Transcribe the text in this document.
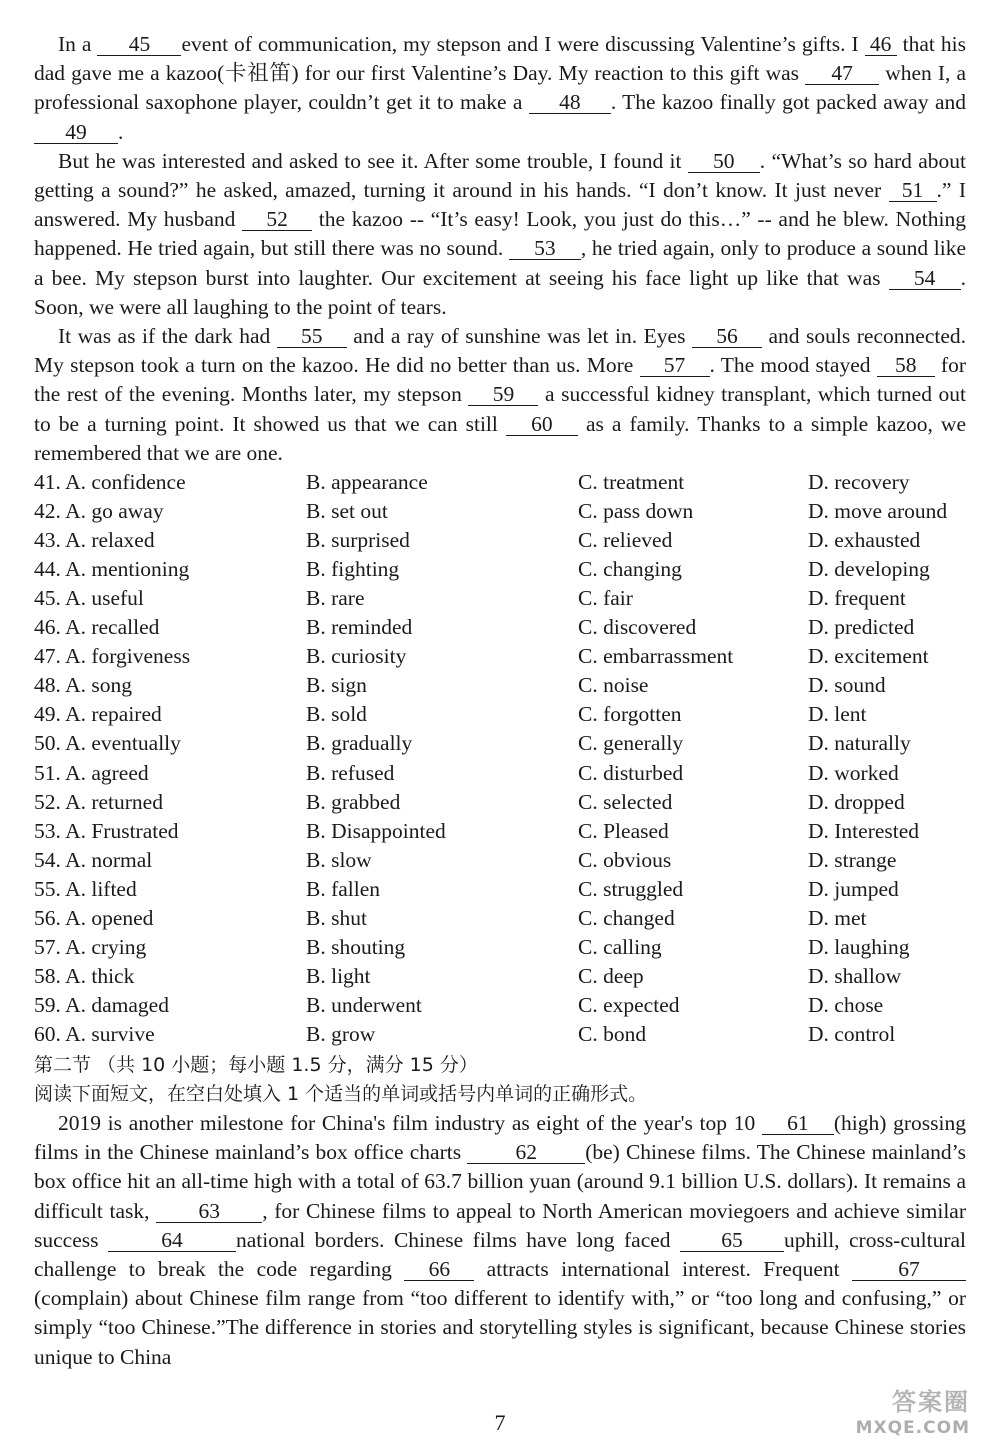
In a 45 event of communication, my stepson and I were discussing Valentine’s gifts. I 46 that his dad gave me a kazoo(卡祖笛) for our first Valentine’s Day. My reaction to this gift was 47 when I, a professional saxophone player, couldn’t get it to make a 48 . The kazoo finally got packed away and 49 .

But he was interested and asked to see it. After some trouble, I found it 50 . “What’s so hard about getting a sound?” he asked, amazed, turning it around in his hands. “I don’t know. It just never 51 .” I answered. My husband 52 the kazoo -- “It’s easy! Look, you just do this…” -- and he blew. Nothing happened. He tried again, but still there was no sound. 53 , he tried again, only to produce a sound like a bee. My stepson burst into laughter. Our excitement at seeing his face light up like that was 54 . Soon, we were all laughing to the point of tears.

It was as if the dark had 55 and a ray of sunshine was let in. Eyes 56 and souls reconnected. My stepson took a turn on the kazoo. He did no better than us. More 57 . The mood stayed 58 for the rest of the evening. Months later, my stepson 59 a successful kidney transplant, which turned out to be a turning point. It showed us that we can still 60 as a family. Thanks to a simple kazoo, we remembered that we are one.

41. A. confidence	B. appearance	C. treatment	D. recovery
42. A. go away	B. set out	C. pass down	D. move around
43. A. relaxed	B. surprised	C. relieved	D. exhausted
44. A. mentioning	B. fighting	C. changing	D. developing
45. A. useful	B. rare	C. fair	D. frequent
46. A. recalled	B. reminded	C. discovered	D. predicted
47. A. forgiveness	B. curiosity	C. embarrassment	D. excitement
48. A. song	B. sign	C. noise	D. sound
49. A. repaired	B. sold	C. forgotten	D. lent
50. A. eventually	B. gradually	C. generally	D. naturally
51. A. agreed	B. refused	C. disturbed	D. worked
52. A. returned	B. grabbed	C. selected	D. dropped
53. A. Frustrated	B. Disappointed	C. Pleased	D. Interested
54. A. normal	B. slow	C. obvious	D. strange
55. A. lifted	B. fallen	C. struggled	D. jumped
56. A. opened	B. shut	C. changed	D. met
57. A. crying	B. shouting	C. calling	D. laughing
58. A. thick	B. light	C. deep	D. shallow
59. A. damaged	B. underwent	C. expected	D. chose
60. A. survive	B. grow	C. bond	D. control
第二节 （共 10 小题；每小题 1.5 分，满分 15 分）
阅读下面短文，在空白处填入 1 个适当的单词或括号内单词的正确形式。

2019 is another milestone for China's film industry as eight of the year's top 10 61 (high) grossing films in the Chinese mainland’s box office charts 62 (be) Chinese films. The Chinese mainland’s box office hit an all-time high with a total of 63.7 billion yuan (around 9.1 billion U.S. dollars). It remains a difficult task, 63 , for Chinese films to appeal to North American moviegoers and achieve similar success 64 national borders. Chinese films have long faced 65 uphill, cross-cultural challenge to break the code regarding 66 attracts international interest. Frequent 67(complain) about Chinese film range from “too different to identify with,” or “too long and confusing,” or simply “too Chinese.”The difference in stories and storytelling styles is significant, because Chinese stories unique to China

7
答案圈
MXQE.COM
